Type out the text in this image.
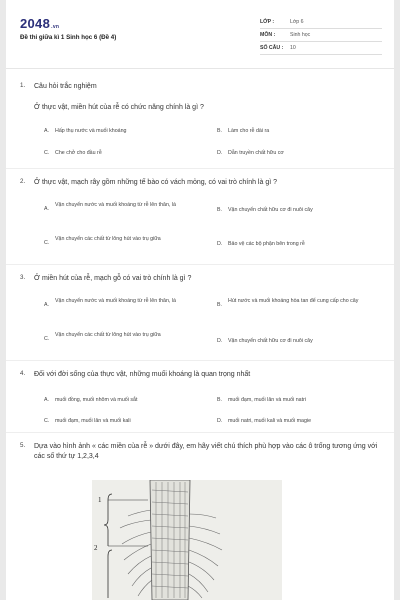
2048.vn
Đề thi giữa kì 1 Sinh học 6 (Đề 4)
LỚP :	Lớp 6
MÔN :	Sinh học
SỐ CÂU :	10
1. Câu hỏi trắc nghiệm
Ở thực vật, miền hút của rễ có chức năng chính là gì ?
A. Hấp thụ nước và muối khoáng	B. Làm cho rễ dài ra
C. Che chở cho đầu rễ	D. Dẫn truyền chất hữu cơ
2. Ở thực vật, mạch rây gồm những tế bào có vách mỏng, có vai trò chính là gì ?
A.
Vận chuyển nước và muối khoáng từ rễ lên thân, lá
B. Vận chuyển chất hữu cơ đi nuôi cây
C.
Vận chuyển các chất từ lông hút vào trụ giữa
D. Bảo vệ các bộ phận bên trong rễ
3. Ở miền hút của rễ, mạch gỗ có vai trò chính là gì ?
A.
Vận chuyển nước và muối khoáng từ rễ lên thân, lá
B.
Hút nước và muối khoáng hòa tan để cung cấp cho cây
C.
Vận chuyển các chất từ lông hút vào trụ giữa
D. Vận chuyển chất hữu cơ đi nuôi cây
4. Đối với đời sống của thực vật, những muối khoáng là quan trọng nhất
A. muối đồng, muối nhôm và muối sắt	B. muối đạm, muối lân và muối natri
C. muối đạm, muối lân và muối kali	D. muối natri, muối kali và muối magie
5. Dựa vào hình ảnh « các miền của rễ » dưới đây, em hãy viết chú thích phù hợp vào các ô trống tương ứng với các số thứ tự 1,2,3,4
1
2
